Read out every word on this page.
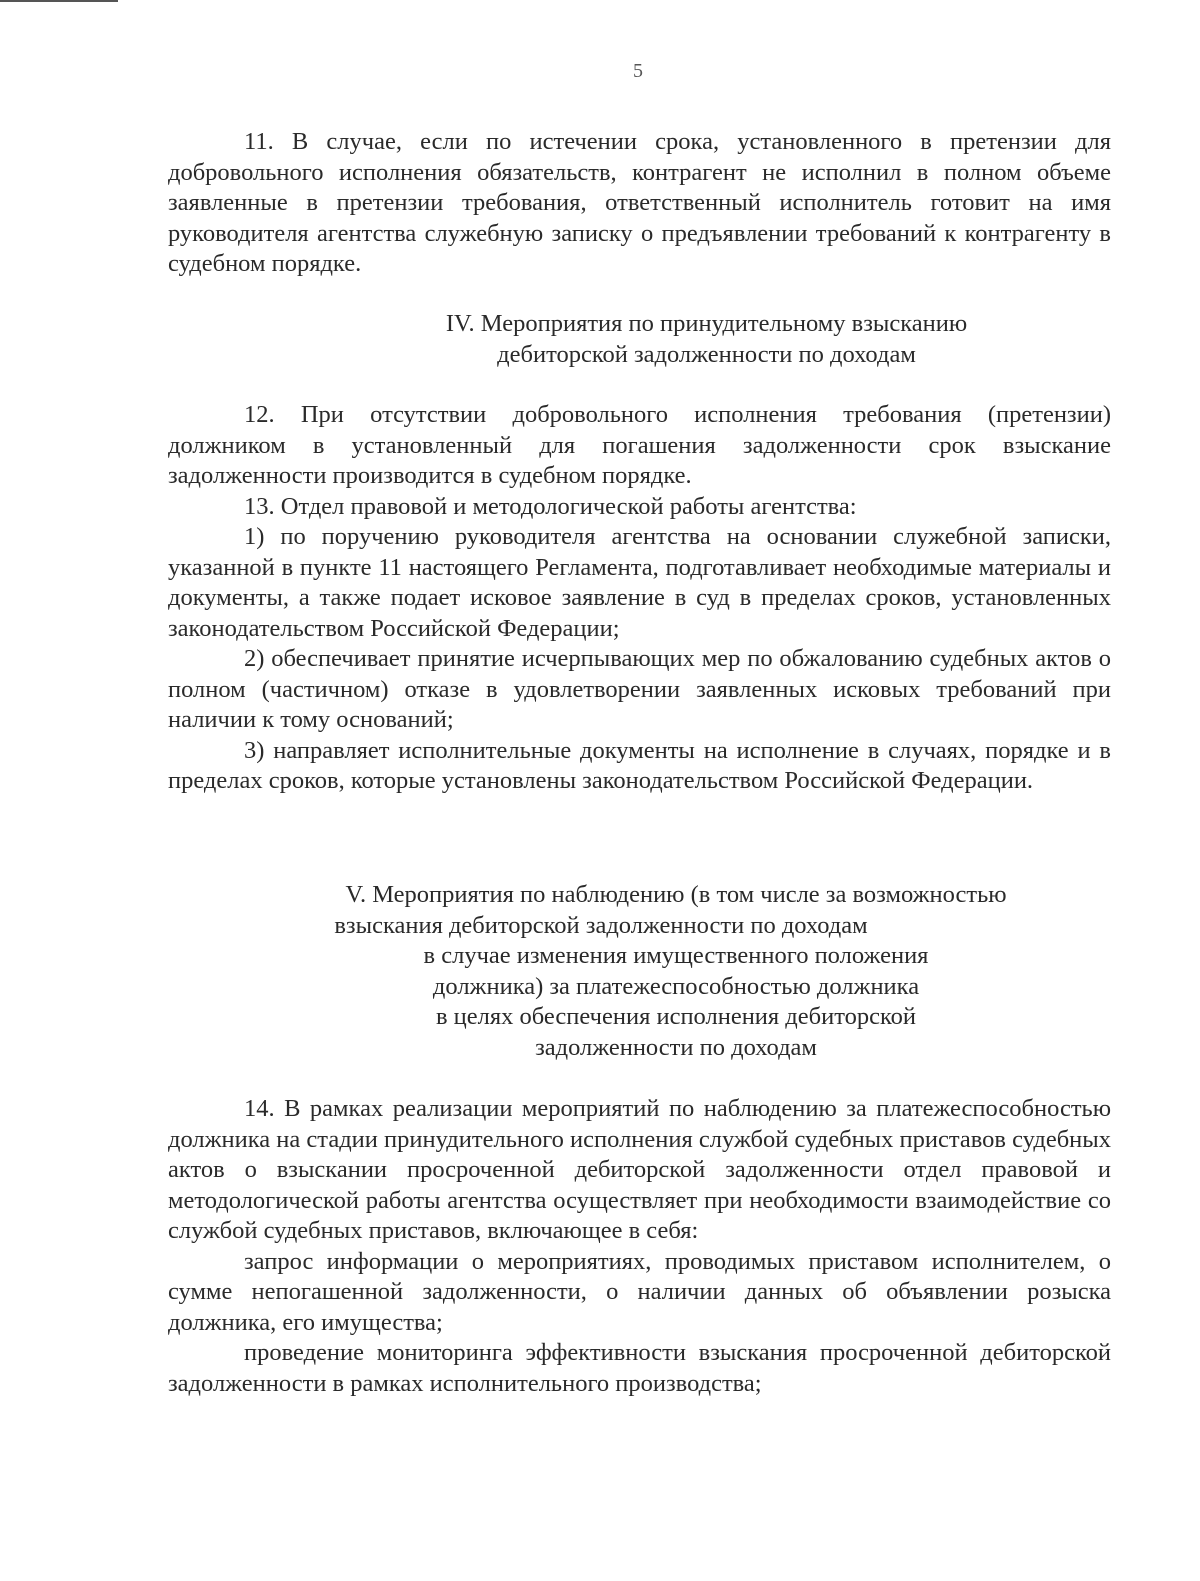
5

11. В случае, если по истечении срока, установленного в претензии для добровольного исполнения обязательств, контрагент не исполнил в полном объеме заявленные в претензии требования, ответственный исполнитель готовит на имя руководителя агентства служебную записку о предъявлении требований к контрагенту в судебном порядке.

IV. Мероприятия по принудительному взысканию
дебиторской задолженности по доходам

12. При отсутствии добровольного исполнения требования (претензии) должником в установленный для погашения задолженности срок взыскание задолженности производится в судебном порядке.

13. Отдел правовой и методологической работы агентства:

1) по поручению руководителя агентства на основании служебной записки, указанной в пункте 11 настоящего Регламента, подготавливает необходимые материалы и документы, а также подает исковое заявление в суд в пределах сроков, установленных законодательством Российской Федерации;

2) обеспечивает принятие исчерпывающих мер по обжалованию судебных актов о полном (частичном) отказе в удовлетворении заявленных исковых требований при наличии к тому оснований;

3) направляет исполнительные документы на исполнение в случаях, порядке и в пределах сроков, которые установлены законодательством Российской Федерации.

V. Мероприятия по наблюдению (в том числе за возможностью
взыскания дебиторской задолженности по доходам
в случае изменения имущественного положения
должника) за платежеспособностью должника
в целях обеспечения исполнения дебиторской
задолженности по доходам

14. В рамках реализации мероприятий по наблюдению за платежеспособностью должника на стадии принудительного исполнения службой судебных приставов судебных актов о взыскании просроченной дебиторской задолженности отдел правовой и методологической работы агентства осуществляет при необходимости взаимодействие со службой судебных приставов, включающее в себя:

запрос информации о мероприятиях, проводимых приставом исполнителем, о сумме непогашенной задолженности, о наличии данных об объявлении розыска должника, его имущества;

проведение мониторинга эффективности взыскания просроченной дебиторской задолженности в рамках исполнительного производства;
